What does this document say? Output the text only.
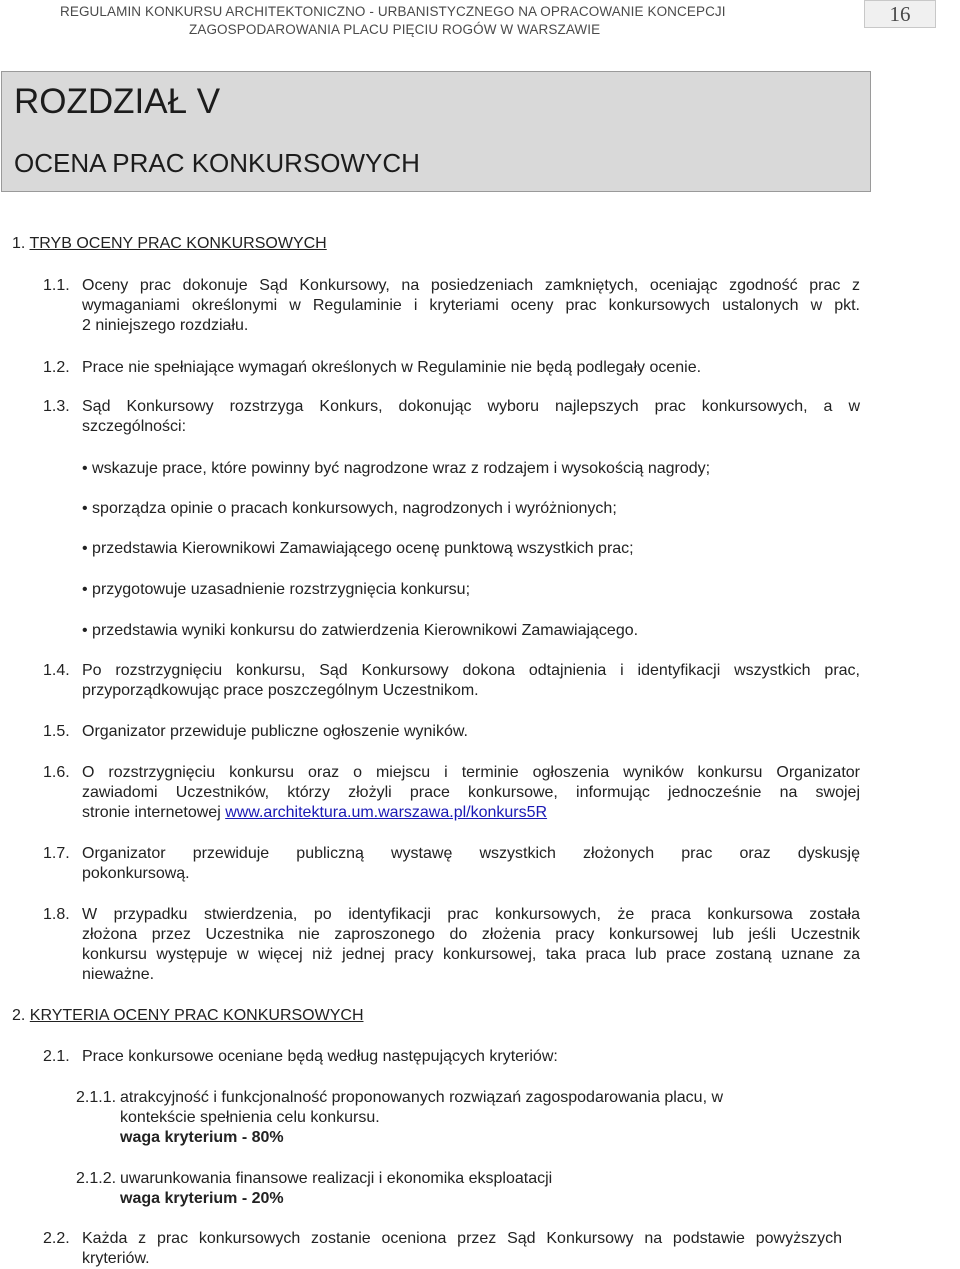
REGULAMIN KONKURSU ARCHITEKTONICZNO - URBANISTYCZNEGO NA OPRACOWANIE KONCEPCJI
ZAGOSPODAROWANIA PLACU PIĘCIU ROGÓW W WARSZAWIE
16
ROZDZIAŁ V
OCENA PRAC KONKURSOWYCH
1. TRYB OCENY PRAC KONKURSOWYCH
1.1. Oceny prac dokonuje Sąd Konkursowy, na posiedzeniach zamkniętych, oceniając zgodność prac z
wymaganiami określonymi w Regulaminie i kryteriami oceny prac konkursowych ustalonych w pkt.
2 niniejszego rozdziału.
1.2. Prace nie spełniające wymagań określonych w Regulaminie nie będą podlegały ocenie.
1.3. Sąd Konkursowy rozstrzyga Konkurs, dokonując wyboru najlepszych prac konkursowych, a w
szczególności:
• wskazuje prace, które powinny być nagrodzone wraz z rodzajem i wysokością nagrody;
• sporządza opinie o pracach konkursowych, nagrodzonych i wyróżnionych;
• przedstawia Kierownikowi Zamawiającego ocenę punktową wszystkich prac;
• przygotowuje uzasadnienie rozstrzygnięcia konkursu;
• przedstawia wyniki konkursu do zatwierdzenia Kierownikowi Zamawiającego.
1.4. Po rozstrzygnięciu konkursu, Sąd Konkursowy dokona odtajnienia i identyfikacji wszystkich prac,
przyporządkowując prace poszczególnym Uczestnikom.
1.5. Organizator przewiduje publiczne ogłoszenie wyników.
1.6. O rozstrzygnięciu konkursu oraz o miejscu i terminie ogłoszenia wyników konkursu Organizator
zawiadomi Uczestników, którzy złożyli prace konkursowe, informując jednocześnie na swojej
stronie internetowej www.architektura.um.warszawa.pl/konkurs5R
1.7. Organizator przewiduje publiczną wystawę wszystkich złożonych prac oraz dyskusję
pokonkursową.
1.8. W przypadku stwierdzenia, po identyfikacji prac konkursowych, że praca konkursowa została
złożona przez Uczestnika nie zaproszonego do złożenia pracy konkursowej lub jeśli Uczestnik
konkursu występuje w więcej niż jednej pracy konkursowej, taka praca lub prace zostaną uznane za
nieważne.
2. KRYTERIA OCENY PRAC KONKURSOWYCH
2.1. Prace konkursowe oceniane będą według następujących kryteriów:
2.1.1. atrakcyjność i funkcjonalność proponowanych rozwiązań zagospodarowania placu, w
kontekście spełnienia celu konkursu.
waga kryterium - 80%
2.1.2. uwarunkowania finansowe realizacji i ekonomika eksploatacji
waga kryterium - 20%
2.2. Każda z prac konkursowych zostanie oceniona przez Sąd Konkursowy na podstawie powyższych
kryteriów.
